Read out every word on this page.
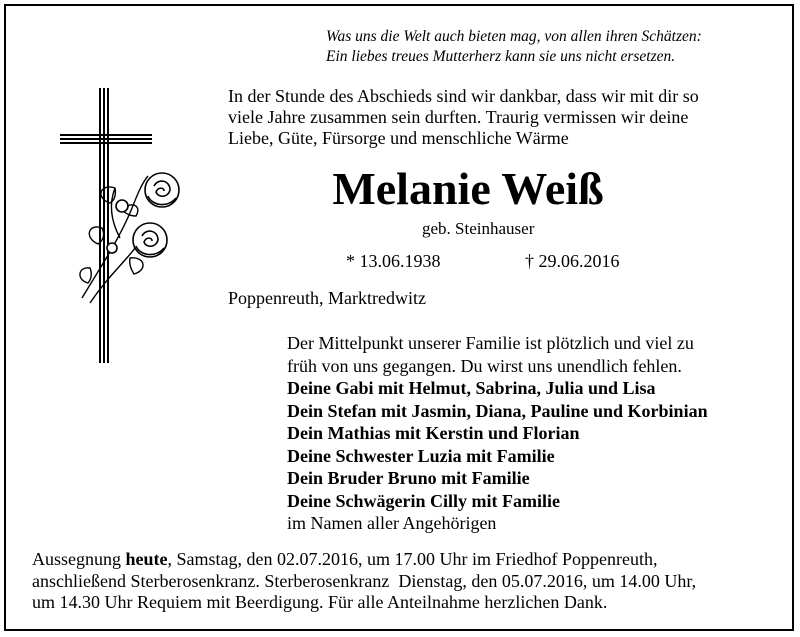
Was uns die Welt auch bieten mag, von allen ihren Schätzen:
Ein liebes treues Mutterherz kann sie uns nicht ersetzen.
In der Stunde des Abschieds sind wir dankbar, dass wir mit dir so
viele Jahre zusammen sein durften. Traurig vermissen wir deine
Liebe, Güte, Fürsorge und menschliche Wärme
Melanie Weiß
geb. Steinhauser
* 13.06.1938	† 29.06.2016
Poppenreuth, Marktredwitz
Der Mittelpunkt unserer Familie ist plötzlich und viel zu
früh von uns gegangen. Du wirst uns unendlich fehlen.
Deine Gabi mit Helmut, Sabrina, Julia und Lisa
Dein Stefan mit Jasmin, Diana, Pauline und Korbinian
Dein Mathias mit Kerstin und Florian
Deine Schwester Luzia mit Familie
Dein Bruder Bruno mit Familie
Deine Schwägerin Cilly mit Familie
im Namen aller Angehörigen
Aussegnung heute, Samstag, den 02.07.2016, um 17.00 Uhr im Friedhof Poppenreuth,
anschließend Sterberosenkranz. Sterberosenkranz  Dienstag, den 05.07.2016, um 14.00 Uhr,
um 14.30 Uhr Requiem mit Beerdigung. Für alle Anteilnahme herzlichen Dank.
